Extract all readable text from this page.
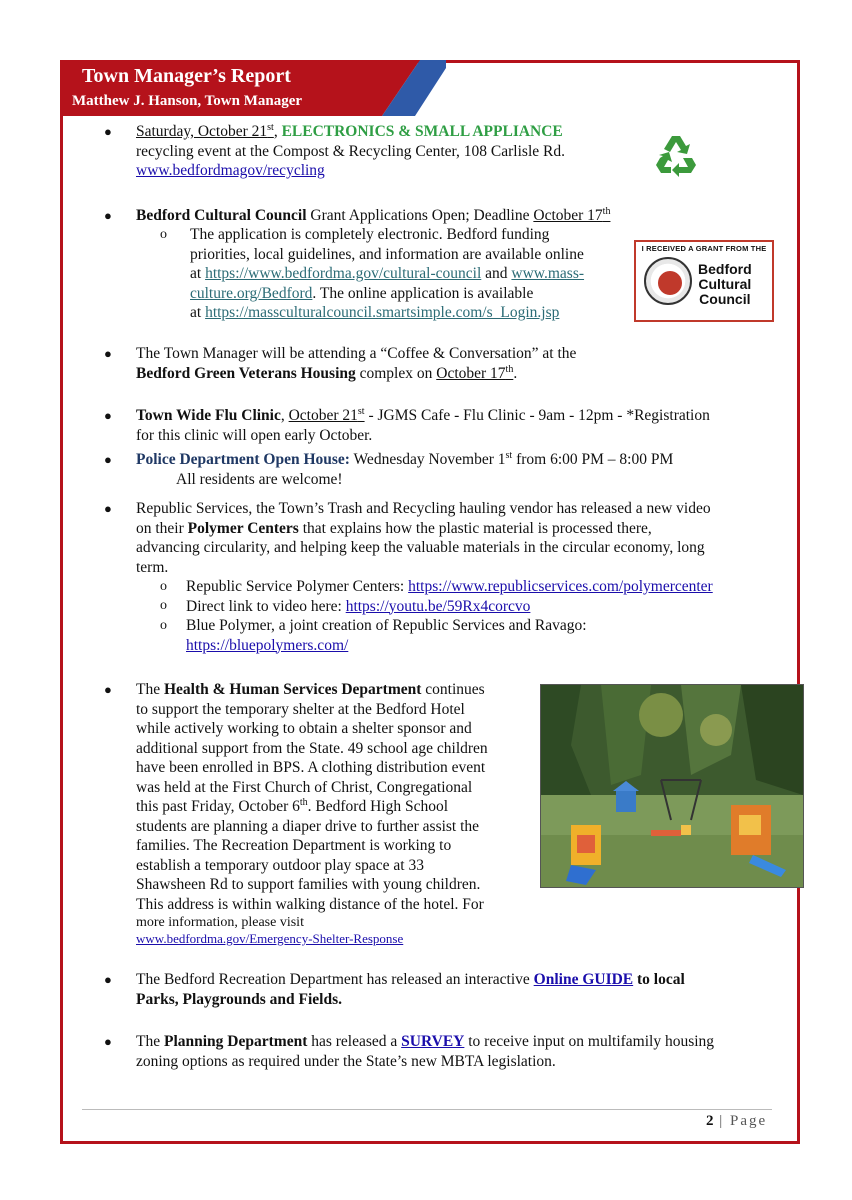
Town Manager’s Report
Matthew J. Hanson, Town Manager
I RECEIVED A GRANT FROM THE
Bedford
Cultural
Council
● Saturday, October 21st, ELECTRONICS & SMALL APPLIANCE
recycling event at the Compost & Recycling Center, 108 Carlisle Rd.
www.bedfordmagov/recycling
● Bedford Cultural Council Grant Applications Open; Deadline October 17th
o The application is completely electronic. Bedford funding
priorities, local guidelines, and information are available online
at https://www.bedfordma.gov/cultural-council and www.mass-
culture.org/Bedford. The online application is available
at https://massculturalcouncil.smartsimple.com/s_Login.jsp
● The Town Manager will be attending a “Coffee & Conversation” at the
Bedford Green Veterans Housing complex on October 17th.
● Town Wide Flu Clinic, October 21st - JGMS Cafe - Flu Clinic - 9am - 12pm - *Registration
for this clinic will open early October.
● Police Department Open House: Wednesday November 1st from 6:00 PM – 8:00 PM
All residents are welcome!
● Republic Services, the Town’s Trash and Recycling hauling vendor has released a new video
on their Polymer Centers that explains how the plastic material is processed there,
advancing circularity, and helping keep the valuable materials in the circular economy, long
term.
o
o
o
Republic Service Polymer Centers: https://www.republicservices.com/polymercenter
Direct link to video here: https://youtu.be/59Rx4corcvo
Blue Polymer, a joint creation of Republic Services and Ravago:
https://bluepolymers.com/
● The Health & Human Services Department continues
to support the temporary shelter at the Bedford Hotel
while actively working to obtain a shelter sponsor and
additional support from the State. 49 school age children
have been enrolled in BPS. A clothing distribution event
was held at the First Church of Christ, Congregational
this past Friday, October 6th. Bedford High School
students are planning a diaper drive to further assist the
families. The Recreation Department is working to
establish a temporary outdoor play space at 33
Shawsheen Rd to support families with young children.
This address is within walking distance of the hotel. For
more information, please visit
www.bedfordma.gov/Emergency-Shelter-Response
● The Bedford Recreation Department has released an interactive Online GUIDE to local
Parks, Playgrounds and Fields.
● The Planning Department has released a SURVEY to receive input on multifamily housing
zoning options as required under the State’s new MBTA legislation.
2 | Page
